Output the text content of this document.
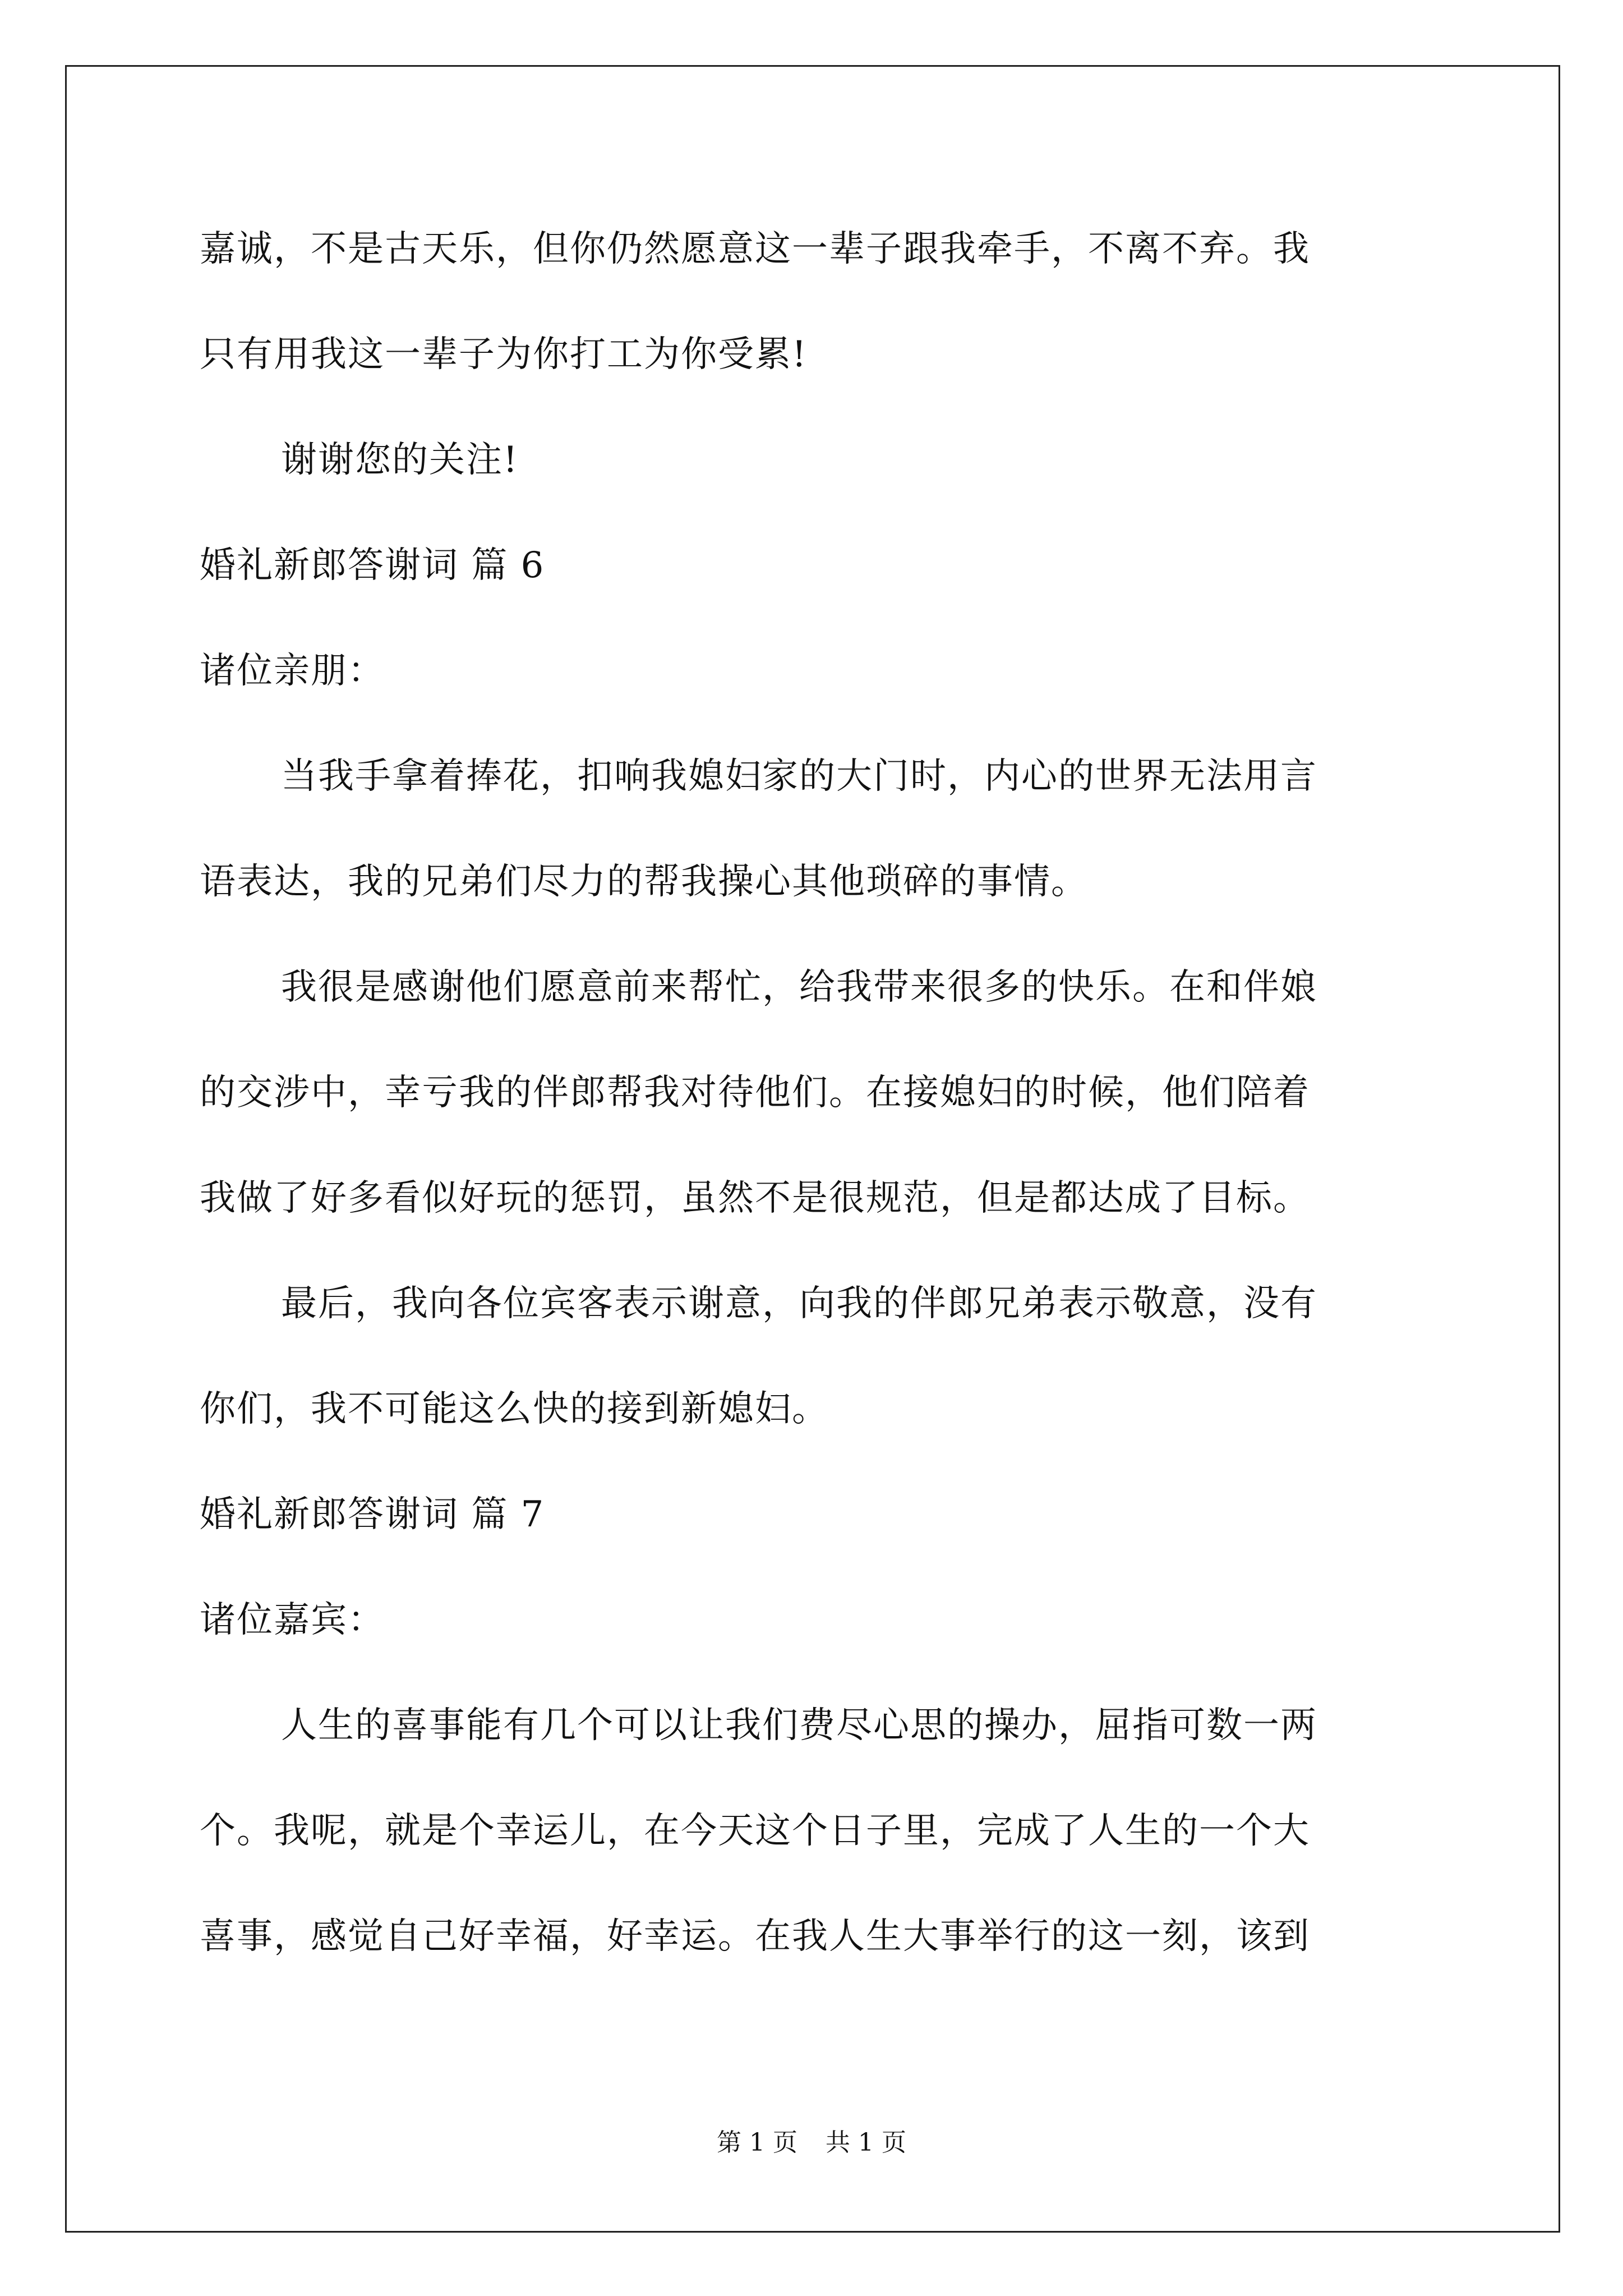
嘉诚，不是古天乐，但你仍然愿意这一辈子跟我牵手，不离不弃。我
只有用我这一辈子为你打工为你受累!
谢谢您的关注!
婚礼新郎答谢词 篇 6
诸位亲朋：
当我手拿着捧花，扣响我媳妇家的大门时，内心的世界无法用言
语表达，我的兄弟们尽力的帮我操心其他琐碎的事情。
我很是感谢他们愿意前来帮忙，给我带来很多的快乐。在和伴娘
的交涉中，幸亏我的伴郎帮我对待他们。在接媳妇的时候，他们陪着
我做了好多看似好玩的惩罚，虽然不是很规范，但是都达成了目标。
最后，我向各位宾客表示谢意，向我的伴郎兄弟表示敬意，没有
你们，我不可能这么快的接到新媳妇。
婚礼新郎答谢词 篇 7
诸位嘉宾：
人生的喜事能有几个可以让我们费尽心思的操办，屈指可数一两
个。我呢，就是个幸运儿，在今天这个日子里，完成了人生的一个大
喜事，感觉自己好幸福，好幸运。在我人生大事举行的这一刻，该到
第 1 页 共 1 页
